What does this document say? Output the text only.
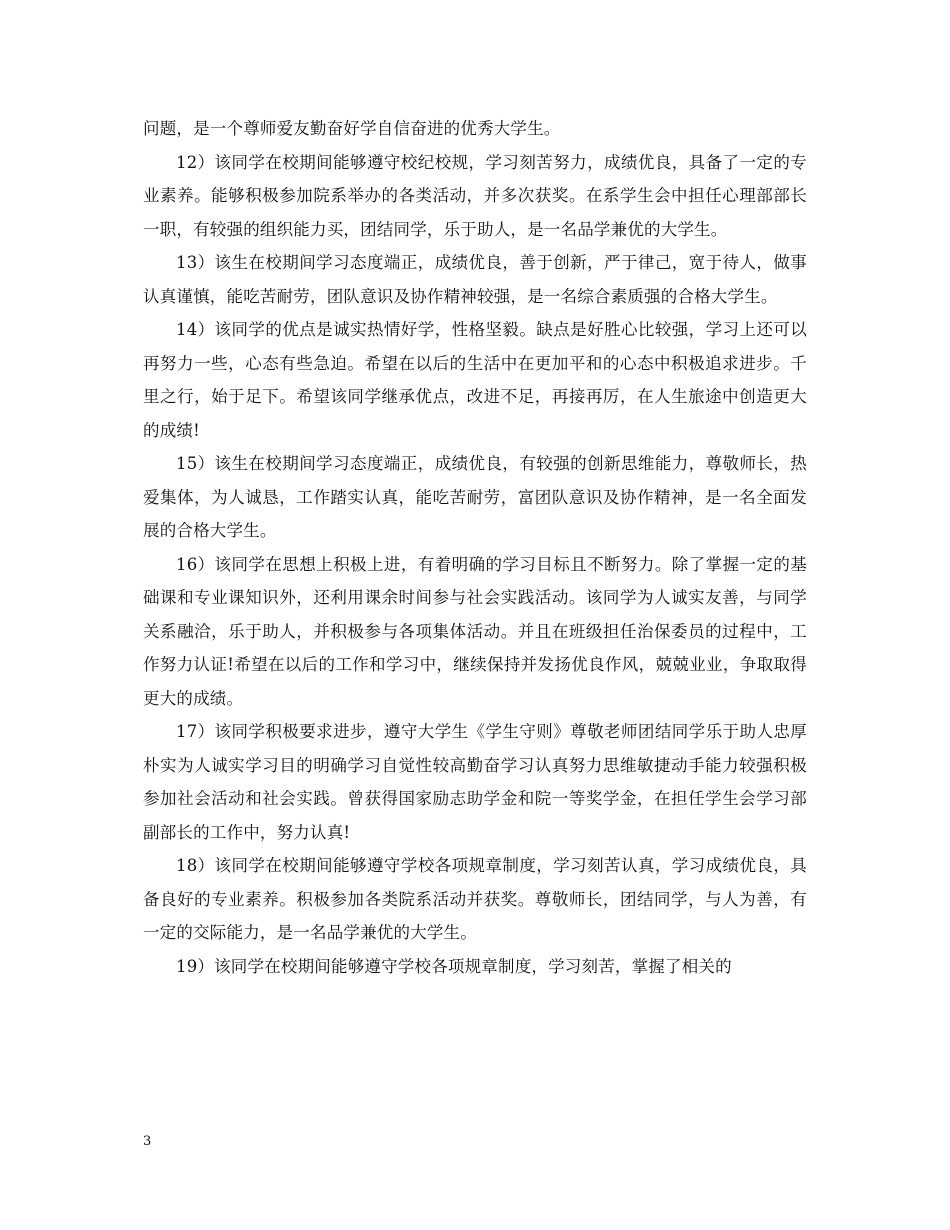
问题，是一个尊师爱友勤奋好学自信奋进的优秀大学生。

12）该同学在校期间能够遵守校纪校规，学习刻苦努力，成绩优良，具备了一定的专业素养。能够积极参加院系举办的各类活动，并多次获奖。在系学生会中担任心理部部长一职，有较强的组织能力买，团结同学，乐于助人，是一名品学兼优的大学生。

13）该生在校期间学习态度端正，成绩优良，善于创新，严于律己，宽于待人，做事认真谨慎，能吃苦耐劳，团队意识及协作精神较强，是一名综合素质强的合格大学生。

14）该同学的优点是诚实热情好学，性格坚毅。缺点是好胜心比较强，学习上还可以再努力一些，心态有些急迫。希望在以后的生活中在更加平和的心态中积极追求进步。千里之行，始于足下。希望该同学继承优点，改进不足，再接再厉，在人生旅途中创造更大的成绩!

15）该生在校期间学习态度端正，成绩优良，有较强的创新思维能力，尊敬师长，热爱集体，为人诚恳，工作踏实认真，能吃苦耐劳，富团队意识及协作精神，是一名全面发展的合格大学生。

16）该同学在思想上积极上进，有着明确的学习目标且不断努力。除了掌握一定的基础课和专业课知识外，还利用课余时间参与社会实践活动。该同学为人诚实友善，与同学关系融洽，乐于助人，并积极参与各项集体活动。并且在班级担任治保委员的过程中，工作努力认证!希望在以后的工作和学习中，继续保持并发扬优良作风，兢兢业业，争取取得更大的成绩。

17）该同学积极要求进步，遵守大学生《学生守则》尊敬老师团结同学乐于助人忠厚朴实为人诚实学习目的明确学习自觉性较高勤奋学习认真努力思维敏捷动手能力较强积极参加社会活动和社会实践。曾获得国家励志助学金和院一等奖学金，在担任学生会学习部副部长的工作中，努力认真!

18）该同学在校期间能够遵守学校各项规章制度，学习刻苦认真，学习成绩优良，具备良好的专业素养。积极参加各类院系活动并获奖。尊敬师长，团结同学，与人为善，有一定的交际能力，是一名品学兼优的大学生。

19）该同学在校期间能够遵守学校各项规章制度，学习刻苦，掌握了相关的

3
